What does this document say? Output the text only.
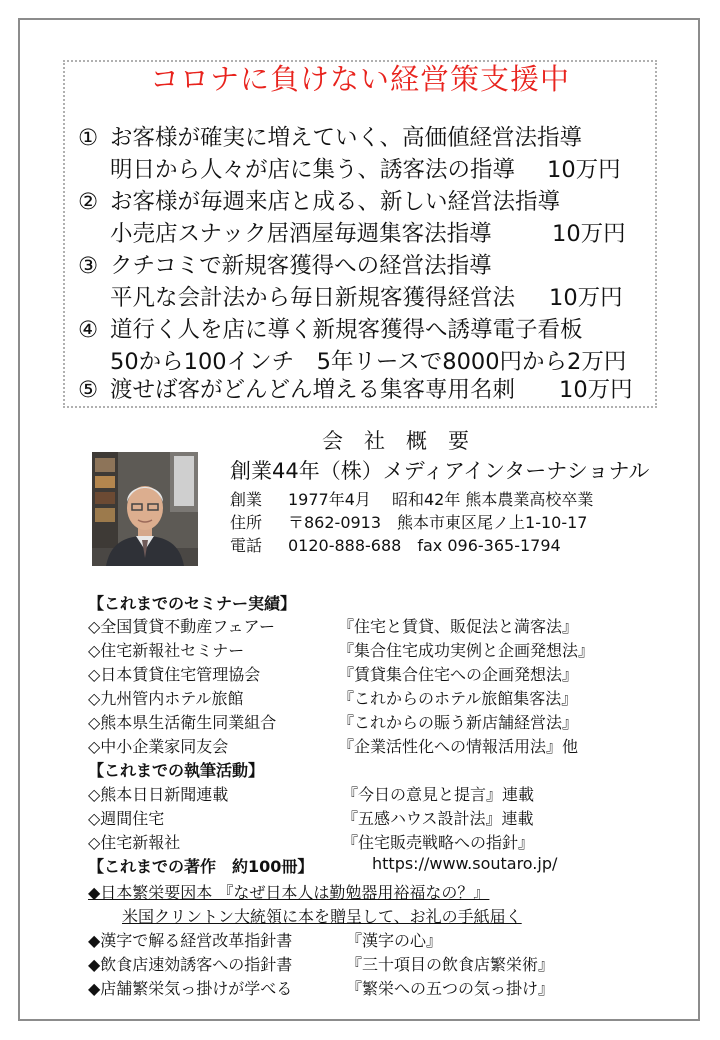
コロナに負けない経営策支援中
① お客様が確実に増えていく、高価値経営法指導
明日から人々が店に集う、誘客法の指導 10万円
② お客様が毎週来店と成る、新しい経営法指導
小売店スナック居酒屋毎週集客法指導	10万円
③ クチコミで新規客獲得への経営法指導
平凡な会計法から毎日新規客獲得経営法 10万円
④ 道行く人を店に導く新規客獲得へ誘導電子看板
50から100インチ　5年リースで8000円から2万円
⑤ 渡せば客がどんどん増える集客専用名刺 10万円
会社概要
創業44年（株）メディアインターナショナル
創業 1977年4月　 昭和42年 熊本農業高校卒業
住所 〒862-0913　熊本市東区尾ノ上1-10-17
電話 0120-888-688　fax 096-365-1794
【これまでのセミナー実績】
◇全国賃貸不動産フェアー	『住宅と賃貸、販促法と満客法』
◇住宅新報社セミナー	『集合住宅成功実例と企画発想法』
◇日本賃貸住宅管理協会	『賃貸集合住宅への企画発想法』
◇九州管内ホテル旅館	『これからのホテル旅館集客法』
◇熊本県生活衛生同業組合	『これからの賑う新店舗経営法』
◇中小企業家同友会	『企業活性化への情報活用法』他
【これまでの執筆活動】
◇熊本日日新聞連載	『今日の意見と提言』連載
◇週間住宅	『五感ハウス設計法』連載
◇住宅新報社	『住宅販売戦略への指針』
【これまでの著作　約100冊】	https://www.soutaro.jp/
◆日本繁栄要因本 『なぜ日本人は勤勉器用裕福なの？』
米国クリントン大統領に本を贈呈して、お礼の手紙届く
◆漢字で解る経営改革指針書	『漢字の心』
◆飲食店速効誘客への指針書	『三十項目の飲食店繁栄術』
◆店舗繁栄気っ掛けが学べる	『繁栄への五つの気っ掛け』
